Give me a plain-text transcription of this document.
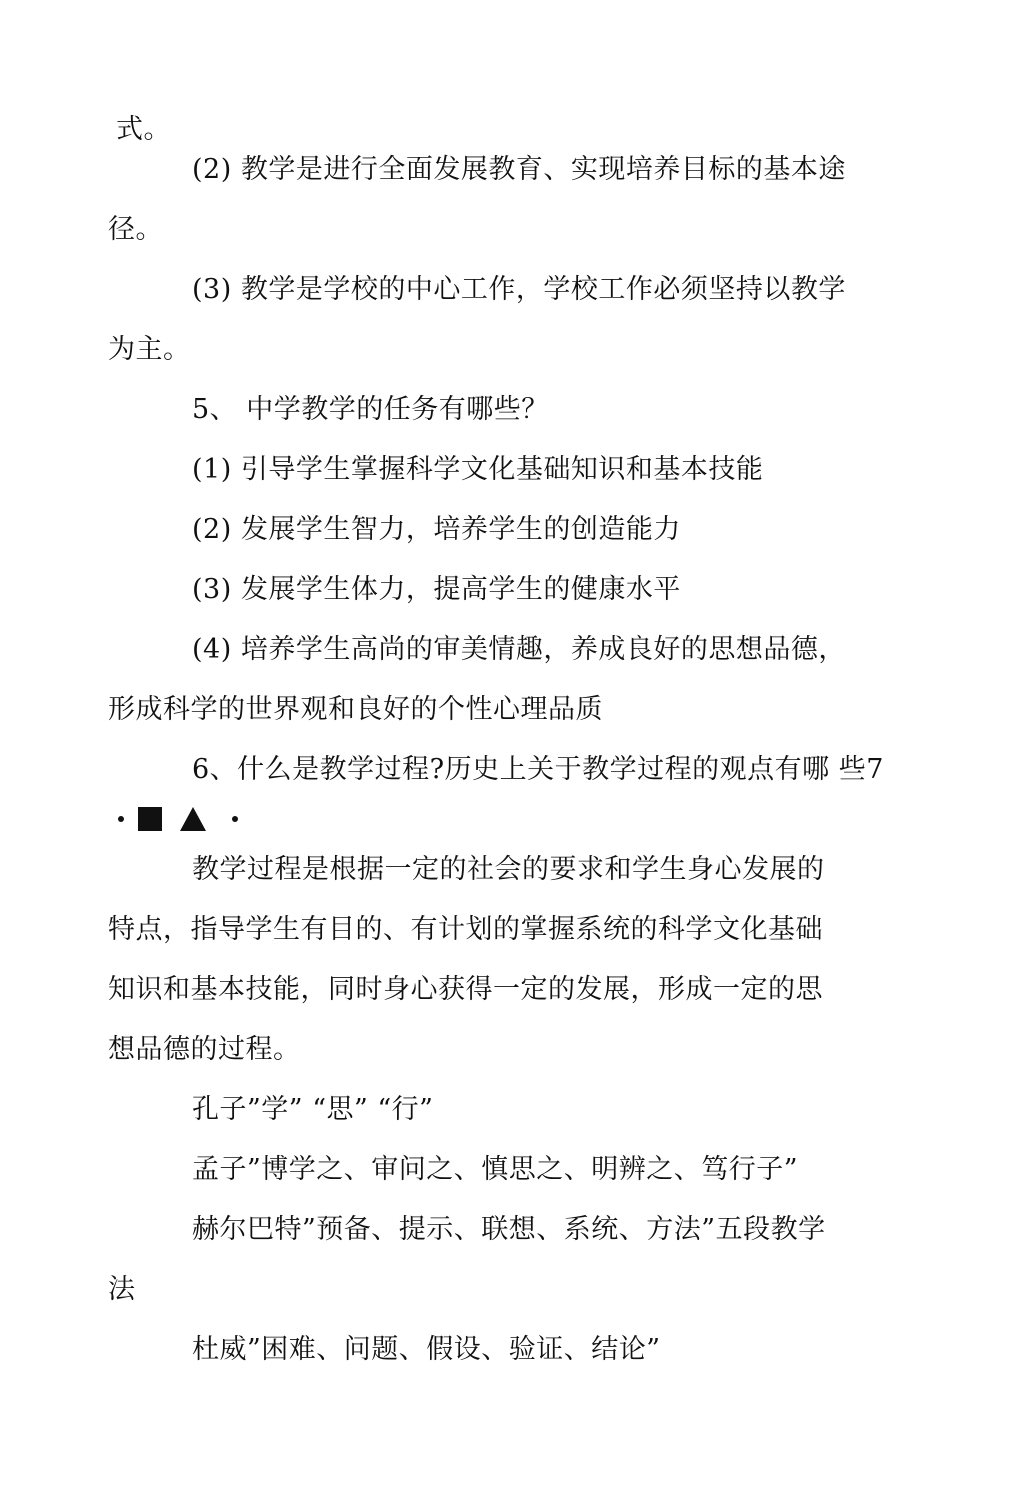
式。
(2) 教学是进行全面发展教育、实现培养目标的基本途
径。
(3) 教学是学校的中心工作，学校工作必须坚持以教学
为主。
5、 中学教学的任务有哪些？
(1) 引导学生掌握科学文化基础知识和基本技能
(2) 发展学生智力，培养学生的创造能力
(3) 发展学生体力，提高学生的健康水平
(4) 培养学生高尚的审美情趣，养成良好的思想品德，
形成科学的世界观和良好的个性心理品质
6、什么是教学过程?历史上关于教学过程的观点有哪 些7
教学过程是根据一定的社会的要求和学生身心发展的
特点，指导学生有目的、有计划的掌握系统的科学文化基础
知识和基本技能，同时身心获得一定的发展，形成一定的思
想品德的过程。
孔子”学” “思” “行”
孟子”博学之、审问之、慎思之、明辨之、笃行子”
赫尔巴特”预备、提示、联想、系统、方法”五段教学
法
杜威”困难、问题、假设、验证、结论”
